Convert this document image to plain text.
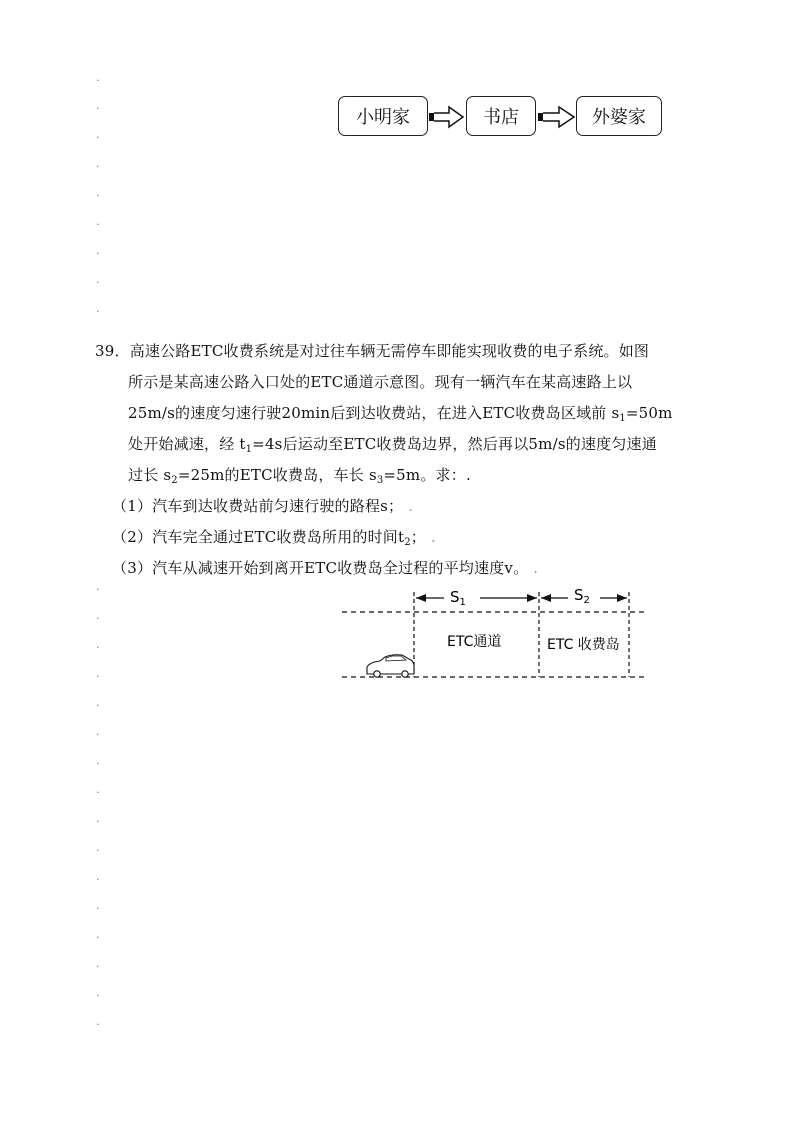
.
.
.
.
.
.
.
.
.
小明家	书店	外婆家
39．高速公路ETC收费系统是对过往车辆无需停车即能实现收费的电子系统。如图
所示是某高速公路入口处的ETC通道示意图。现有一辆汽车在某高速路上以
25m/s的速度匀速行驶20min后到达收费站，在进入ETC收费岛区域前 $s_1=50m$
处开始减速，经 $t_1=4s$后运动至ETC收费岛边界，然后再以5m/s的速度匀速通
过长 $s_2=25m$的ETC收费岛，车长 $s_3=5m$。求：.
（1）汽车到达收费站前匀速行驶的路程s； .
（2）汽车完全通过ETC收费岛所用的时间$t_2$； .
（3）汽车从减速开始到离开ETC收费岛全过程的平均速度v。 .
$S_1$	$S_2$
ETC通道	ETC 收费岛
.
.
.
.
.
.
.
.
.
.
.
.
.
.
.
.
